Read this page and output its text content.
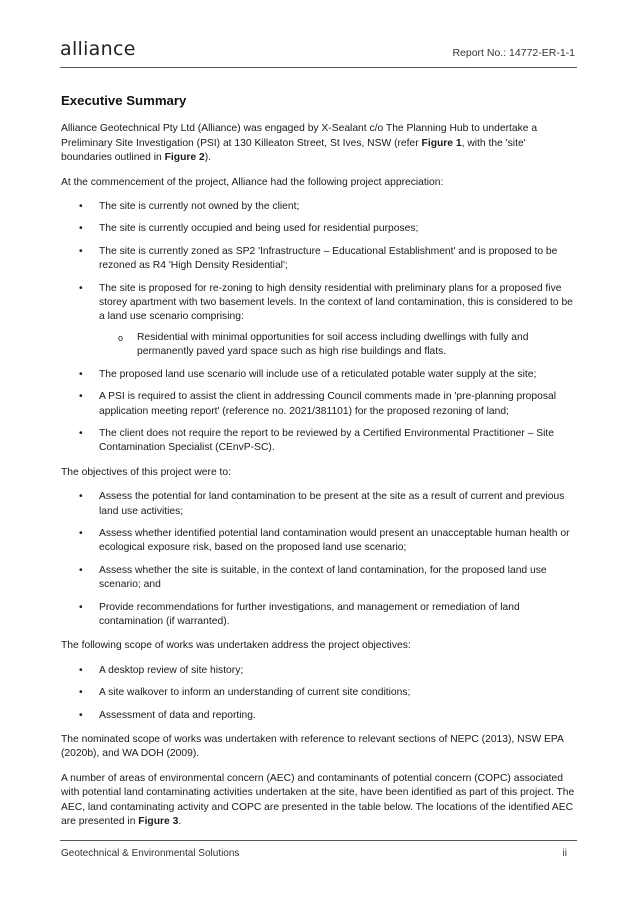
alliance	Report No.: 14772-ER-1-1
Executive Summary

Alliance Geotechnical Pty Ltd (Alliance) was engaged by X-Sealant c/o The Planning Hub to undertake a Preliminary Site Investigation (PSI) at 130 Killeaton Street, St Ives, NSW (refer Figure 1, with the 'site' boundaries outlined in Figure 2).

At the commencement of the project, Alliance had the following project appreciation:

• The site is currently not owned by the client;
• The site is currently occupied and being used for residential purposes;
• The site is currently zoned as SP2 'Infrastructure – Educational Establishment' and is proposed to be rezoned as R4 'High Density Residential';
• The site is proposed for re-zoning to high density residential with preliminary plans for a proposed five storey apartment with two basement levels. In the context of land contamination, this is considered to be a land use scenario comprising:
o Residential with minimal opportunities for soil access including dwellings with fully and permanently paved yard space such as high rise buildings and flats.
• The proposed land use scenario will include use of a reticulated potable water supply at the site;
• A PSI is required to assist the client in addressing Council comments made in 'pre-planning proposal application meeting report' (reference no. 2021/381101) for the proposed rezoning of land;
• The client does not require the report to be reviewed by a Certified Environmental Practitioner – Site Contamination Specialist (CEnvP-SC).

The objectives of this project were to:

• Assess the potential for land contamination to be present at the site as a result of current and previous land use activities;
• Assess whether identified potential land contamination would present an unacceptable human health or ecological exposure risk, based on the proposed land use scenario;
• Assess whether the site is suitable, in the context of land contamination, for the proposed land use scenario; and
• Provide recommendations for further investigations, and management or remediation of land contamination (if warranted).

The following scope of works was undertaken address the project objectives:

• A desktop review of site history;
• A site walkover to inform an understanding of current site conditions;
• Assessment of data and reporting.

The nominated scope of works was undertaken with reference to relevant sections of NEPC (2013), NSW EPA (2020b), and WA DOH (2009).

A number of areas of environmental concern (AEC) and contaminants of potential concern (COPC) associated with potential land contaminating activities undertaken at the site, have been identified as part of this project. The AEC, land contaminating activity and COPC are presented in the table below. The locations of the identified AEC are presented in Figure 3.

Geotechnical & Environmental Solutions	ii
